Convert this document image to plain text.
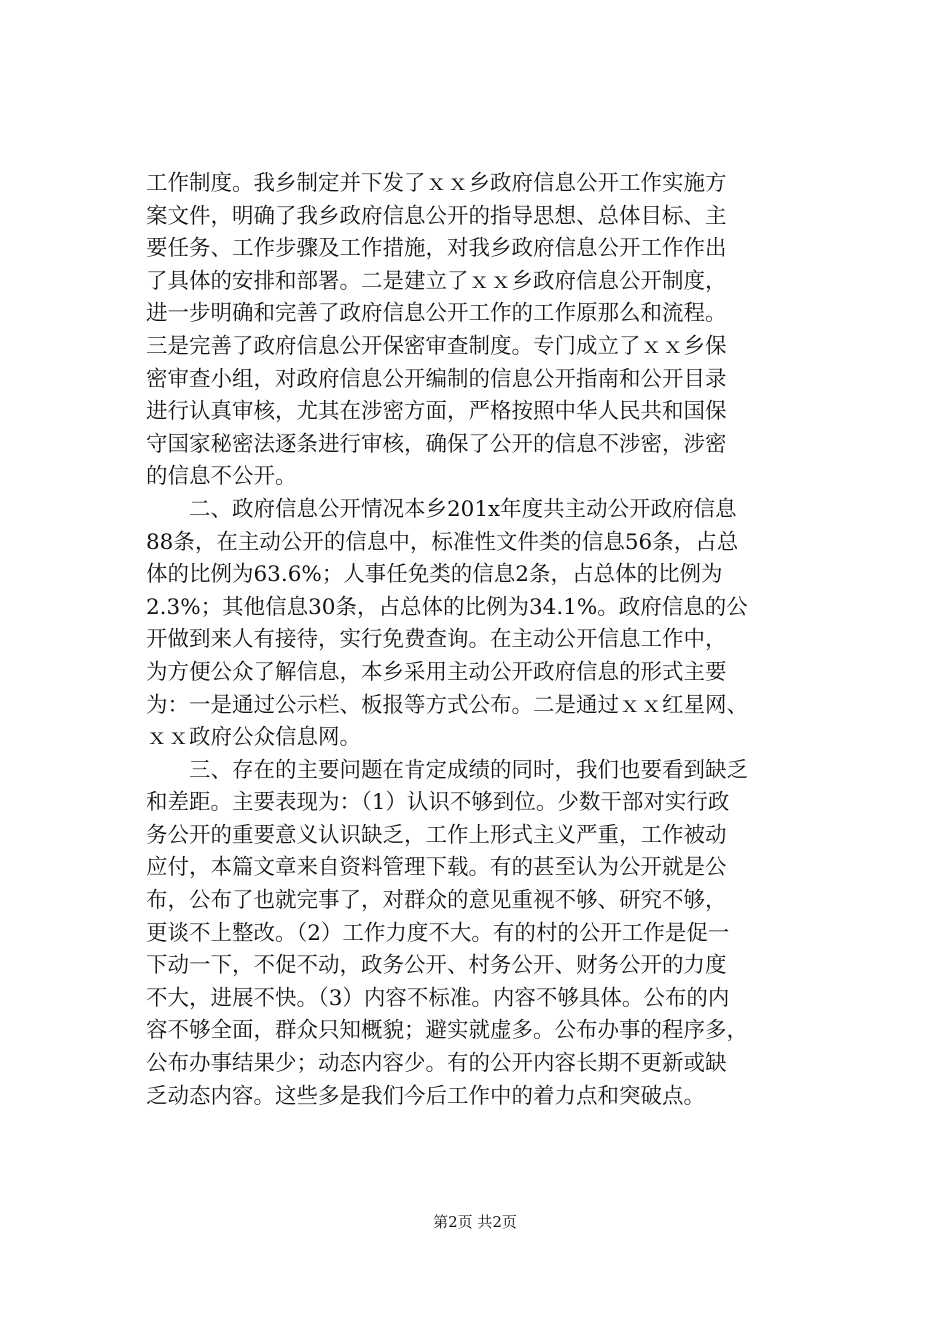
工作制度。我乡制定并下发了ｘｘ乡政府信息公开工作实施方
案文件，明确了我乡政府信息公开的指导思想、总体目标、主
要任务、工作步骤及工作措施，对我乡政府信息公开工作作出
了具体的安排和部署。二是建立了ｘｘ乡政府信息公开制度，
进一步明确和完善了政府信息公开工作的工作原那么和流程。
三是完善了政府信息公开保密审查制度。专门成立了ｘｘ乡保
密审查小组，对政府信息公开编制的信息公开指南和公开目录
进行认真审核，尤其在涉密方面，严格按照中华人民共和国保
守国家秘密法逐条进行审核，确保了公开的信息不涉密，涉密
的信息不公开。
　　二、政府信息公开情况本乡201x年度共主动公开政府信息
88条，在主动公开的信息中，标准性文件类的信息56条，占总
体的比例为63.6%；人事任免类的信息2条，占总体的比例为
2.3%；其他信息30条，占总体的比例为34.1%。政府信息的公
开做到来人有接待，实行免费查询。在主动公开信息工作中，
为方便公众了解信息，本乡采用主动公开政府信息的形式主要
为：一是通过公示栏、板报等方式公布。二是通过ｘｘ红星网、
ｘｘ政府公众信息网。
　　三、存在的主要问题在肯定成绩的同时，我们也要看到缺乏
和差距。主要表现为：（1）认识不够到位。少数干部对实行政
务公开的重要意义认识缺乏，工作上形式主义严重，工作被动
应付，本篇文章来自资料管理下载。有的甚至认为公开就是公
布，公布了也就完事了，对群众的意见重视不够、研究不够，
更谈不上整改。（2）工作力度不大。有的村的公开工作是促一
下动一下，不促不动，政务公开、村务公开、财务公开的力度
不大，进展不快。（3）内容不标准。内容不够具体。公布的内
容不够全面，群众只知概貌；避实就虚多。公布办事的程序多，
公布办事结果少；动态内容少。有的公开内容长期不更新或缺
乏动态内容。这些多是我们今后工作中的着力点和突破点。
第2页 共2页
